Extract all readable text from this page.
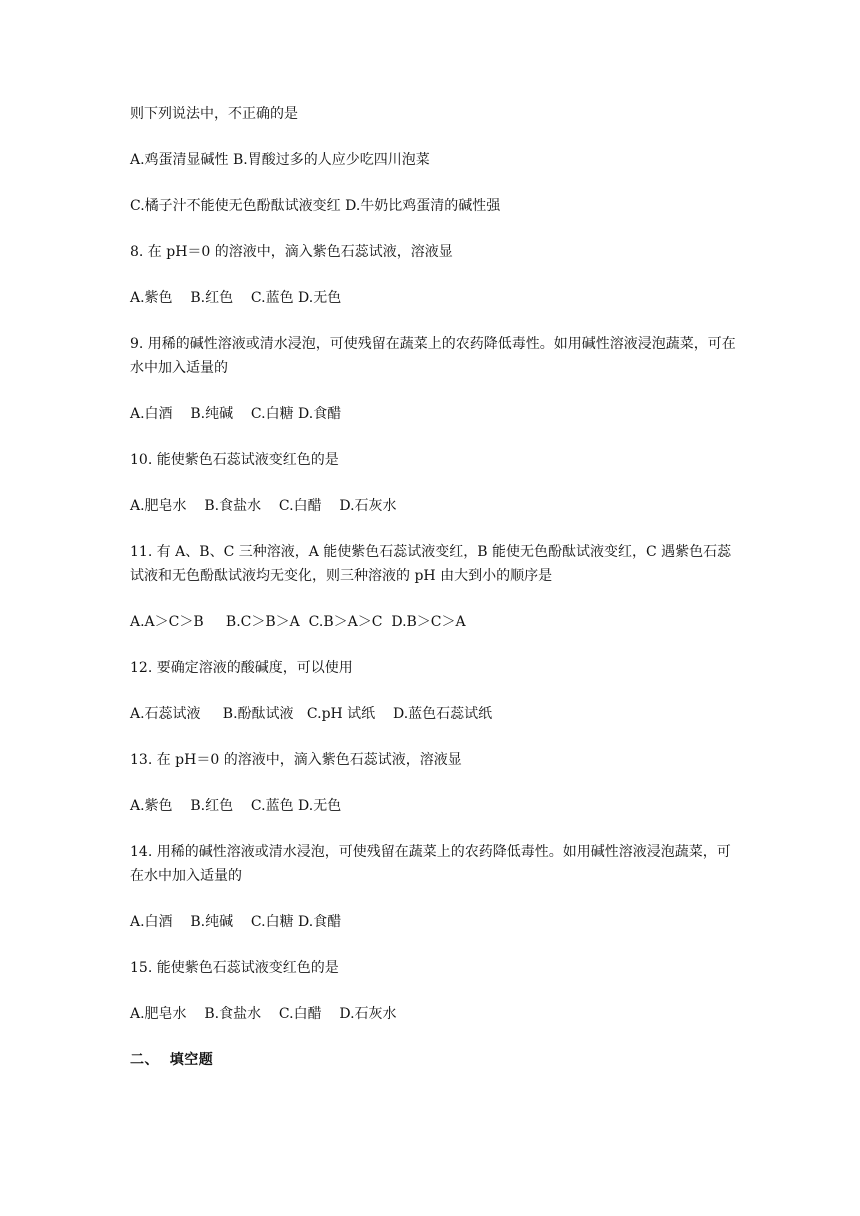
则下列说法中，不正确的是

A.鸡蛋清显碱性 B.胃酸过多的人应少吃四川泡菜

C.橘子汁不能使无色酚酞试液变红 D.牛奶比鸡蛋清的碱性强

8. 在 pH＝0 的溶液中，滴入紫色石蕊试液，溶液显

A.紫色    B.红色    C.蓝色 D.无色

9. 用稀的碱性溶液或清水浸泡，可使残留在蔬菜上的农药降低毒性。如用碱性溶液浸泡蔬菜，可在水中加入适量的

A.白酒    B.纯碱    C.白糖 D.食醋

10. 能使紫色石蕊试液变红色的是

A.肥皂水    B.食盐水    C.白醋    D.石灰水

11. 有 A、B、C 三种溶液，A 能使紫色石蕊试液变红，B 能使无色酚酞试液变红，C 遇紫色石蕊试液和无色酚酞试液均无变化，则三种溶液的 pH 由大到小的顺序是

A.A＞C＞B     B.C＞B＞A  C.B＞A＞C  D.B＞C＞A

12. 要确定溶液的酸碱度，可以使用

A.石蕊试液     B.酚酞试液   C.pH 试纸    D.蓝色石蕊试纸

13. 在 pH＝0 的溶液中，滴入紫色石蕊试液，溶液显

A.紫色    B.红色    C.蓝色 D.无色

14. 用稀的碱性溶液或清水浸泡，可使残留在蔬菜上的农药降低毒性。如用碱性溶液浸泡蔬菜，可在水中加入适量的

A.白酒    B.纯碱    C.白糖 D.食醋

15. 能使紫色石蕊试液变红色的是

A.肥皂水    B.食盐水    C.白醋    D.石灰水

二、  填空题
